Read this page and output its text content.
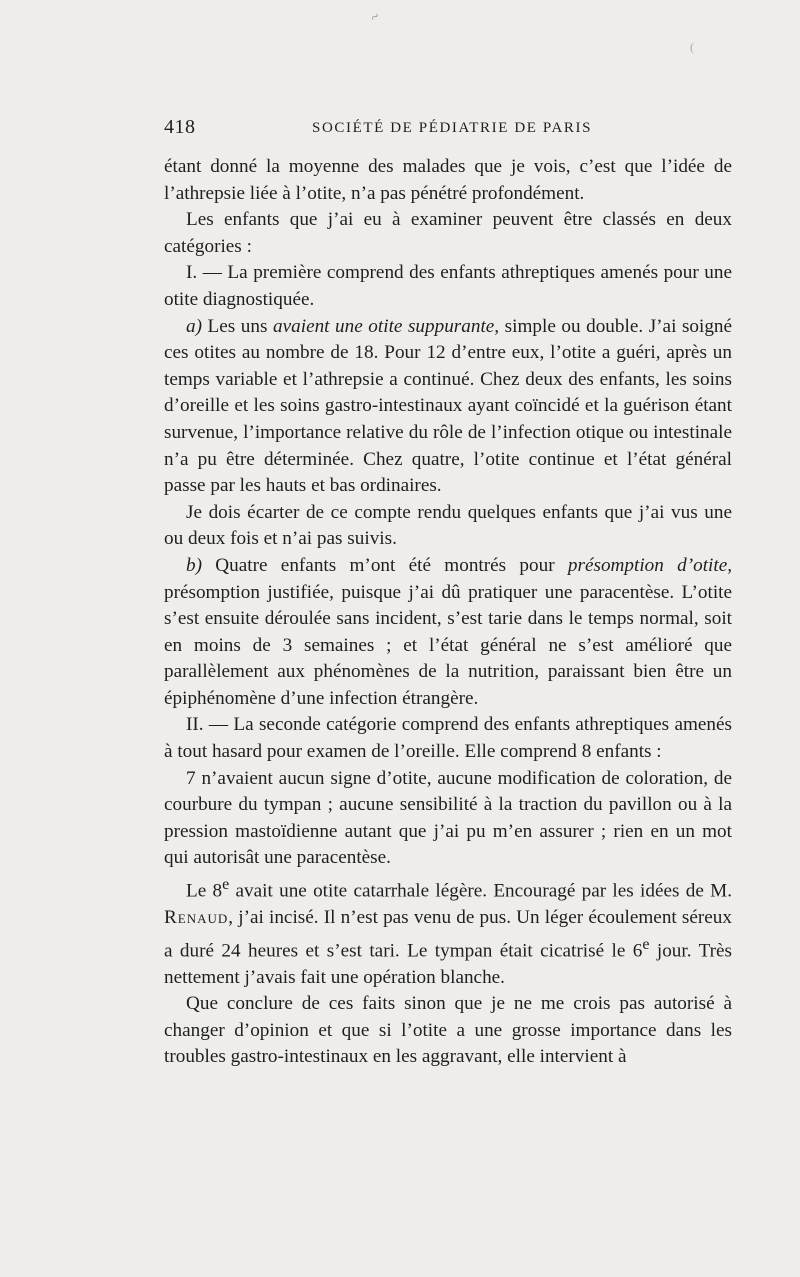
~
(
418	SOCIÉTÉ DE PÉDIATRIE DE PARIS

étant donné la moyenne des malades que je vois, c’est que l’idée de l’athrepsie liée à l’otite, n’a pas pénétré profondément.

Les enfants que j’ai eu à examiner peuvent être classés en deux catégories :

I. — La première comprend des enfants athreptiques amenés pour une otite diagnostiquée.

a) Les uns avaient une otite suppurante, simple ou double. J’ai soigné ces otites au nombre de 18. Pour 12 d’entre eux, l’otite a guéri, après un temps variable et l’athrepsie a continué. Chez deux des enfants, les soins d’oreille et les soins gastro-intestinaux ayant coïncidé et la guérison étant survenue, l’importance relative du rôle de l’infection otique ou intestinale n’a pu être déterminée. Chez quatre, l’otite continue et l’état général passe par les hauts et bas ordinaires.

Je dois écarter de ce compte rendu quelques enfants que j’ai vus une ou deux fois et n’ai pas suivis.

b) Quatre enfants m’ont été montrés pour présomption d’otite, présomption justifiée, puisque j’ai dû pratiquer une paracentèse. L’otite s’est ensuite déroulée sans incident, s’est tarie dans le temps normal, soit en moins de 3 semaines ; et l’état général ne s’est amélioré que parallèlement aux phénomènes de la nutrition, paraissant bien être un épiphénomène d’une infection étrangère.

II. — La seconde catégorie comprend des enfants athreptiques amenés à tout hasard pour examen de l’oreille. Elle comprend 8 enfants :

7 n’avaient aucun signe d’otite, aucune modification de coloration, de courbure du tympan ; aucune sensibilité à la traction du pavillon ou à la pression mastoïdienne autant que j’ai pu m’en assurer ; rien en un mot qui autorisât une paracentèse.

Le 8e avait une otite catarrhale légère. Encouragé par les idées de M. Renaud, j’ai incisé. Il n’est pas venu de pus. Un léger écoulement séreux a duré 24 heures et s’est tari. Le tympan était cicatrisé le 6e jour. Très nettement j’avais fait une opération blanche.

Que conclure de ces faits sinon que je ne me crois pas autorisé à changer d’opinion et que si l’otite a une grosse importance dans les troubles gastro-intestinaux en les aggravant, elle intervient à
